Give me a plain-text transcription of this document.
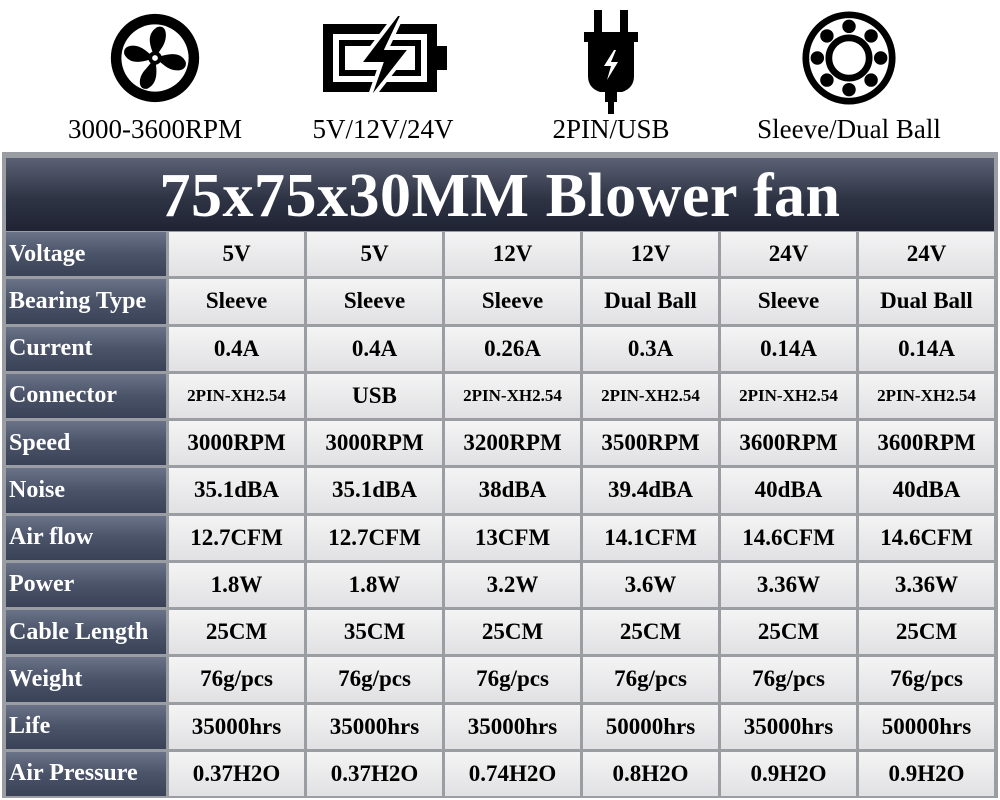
3000-3600RPM	5V/12V/24V	2PIN/USB	Sleeve/Dual Ball
75x75x30MM Blower fan
Voltage	5V	5V	12V	12V	24V	24V
Bearing Type	Sleeve	Sleeve	Sleeve	Dual Ball	Sleeve	Dual Ball
Current	0.4A	0.4A	0.26A	0.3A	0.14A	0.14A
Connector	2PIN-XH2.54	USB	2PIN-XH2.54	2PIN-XH2.54	2PIN-XH2.54	2PIN-XH2.54
Speed	3000RPM	3000RPM	3200RPM	3500RPM	3600RPM	3600RPM
Noise	35.1dBA	35.1dBA	38dBA	39.4dBA	40dBA	40dBA
Air flow	12.7CFM	12.7CFM	13CFM	14.1CFM	14.6CFM	14.6CFM
Power	1.8W	1.8W	3.2W	3.6W	3.36W	3.36W
Cable Length	25CM	35CM	25CM	25CM	25CM	25CM
Weight	76g/pcs	76g/pcs	76g/pcs	76g/pcs	76g/pcs	76g/pcs
Life	35000hrs	35000hrs	35000hrs	50000hrs	35000hrs	50000hrs
Air Pressure	0.37H2O	0.37H2O	0.74H2O	0.8H2O	0.9H2O	0.9H2O
